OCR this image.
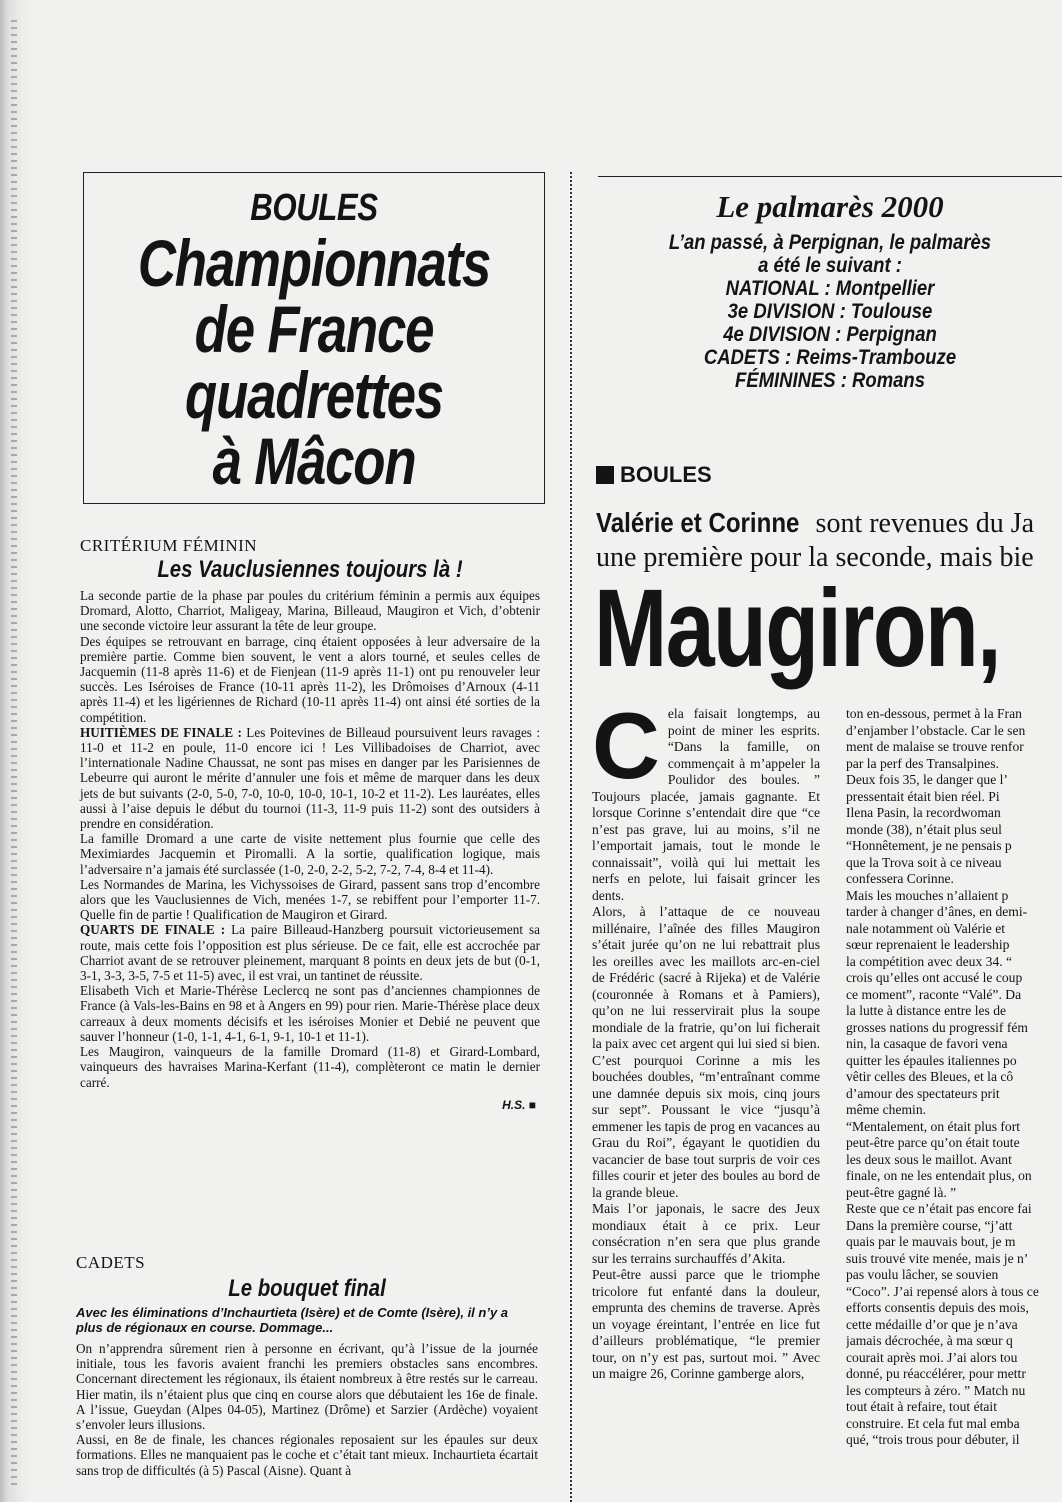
BOULES
Championnats
de France
quadrettes
à Mâcon
CRITÉRIUM FÉMININ
Les Vauclusiennes toujours là !

La seconde partie de la phase par poules du critérium féminin a permis aux équipes Dromard, Alotto, Charriot, Maligeay, Marina, Billeaud, Maugiron et Vich, d’obtenir une seconde victoire leur assurant la tête de leur groupe.

Des équipes se retrouvant en barrage, cinq étaient opposées à leur adversaire de la première partie. Comme bien souvent, le vent a alors tourné, et seules celles de Jacquemin (11-8 après 11-6) et de Fienjean (11-9 après 11-1) ont pu renouveler leur succès. Les Iséroises de France (10-11 après 11-2), les Drômoises d’Arnoux (4-11 après 11-4) et les ligériennes de Richard (10-11 après 11-4) ont ainsi été sorties de la compétition.

HUITIÈMES DE FINALE : Les Poitevines de Billeaud poursuivent leurs ravages : 11-0 et 11-2 en poule, 11-0 encore ici ! Les Villibadoises de Charriot, avec l’internationale Nadine Chaussat, ne sont pas mises en danger par les Parisiennes de Lebeurre qui auront le mérite d’annuler une fois et même de marquer dans les deux jets de but suivants (2-0, 5-0, 7-0, 10-0, 10-0, 10-1, 10-2 et 11-2). Les lauréates, elles aussi à l’aise depuis le début du tournoi (11-3, 11-9 puis 11-2) sont des outsiders à prendre en considération.

La famille Dromard a une carte de visite nettement plus fournie que celle des Meximiardes Jacquemin et Piromalli. A la sortie, qualification logique, mais l’adversaire n’a jamais été surclassée (1-0, 2-0, 2-2, 5-2, 7-2, 7-4, 8-4 et 11-4).

Les Normandes de Marina, les Vichyssoises de Girard, passent sans trop d’encombre alors que les Vauclusiennes de Vich, menées 1-7, se rebiffent pour l’emporter 11-7. Quelle fin de partie ! Qualification de Maugiron et Girard.

QUARTS DE FINALE : La paire Billeaud-Hanzberg poursuit victorieusement sa route, mais cette fois l’opposition est plus sérieuse. De ce fait, elle est accrochée par Charriot avant de se retrouver pleinement, marquant 8 points en deux jets de but (0-1, 3-1, 3-3, 3-5, 7-5 et 11-5) avec, il est vrai, un tantinet de réussite.

Elisabeth Vich et Marie-Thérèse Leclercq ne sont pas d’anciennes championnes de France (à Vals-les-Bains en 98 et à Angers en 99) pour rien. Marie-Thérèse place deux carreaux à deux moments décisifs et les iséroises Monier et Debié ne peuvent que sauver l’honneur (1-0, 1-1, 4-1, 6-1, 9-1, 10-1 et 11-1).

Les Maugiron, vainqueurs de la famille Dromard (11-8) et Girard-Lombard, vainqueurs des havraises Marina-Kerfant (11-4), complèteront ce matin le dernier carré.

H.S. ■
CADETS
Le bouquet final
Avec les éliminations d’Inchaurtieta (Isère) et de Comte (Isère), il n’y a plus de régionaux en course. Dommage...

On n’apprendra sûrement rien à personne en écrivant, qu’à l’issue de la journée initiale, tous les favoris avaient franchi les premiers obstacles sans encombres. Concernant directement les régionaux, ils étaient nombreux à être restés sur le carreau. Hier matin, ils n’étaient plus que cinq en course alors que débutaient les 16e de finale. A l’issue, Gueydan (Alpes 04-05), Martinez (Drôme) et Sarzier (Ardèche) voyaient s’envoler leurs illusions.

Aussi, en 8e de finale, les chances régionales reposaient sur les épaules sur deux formations. Elles ne manquaient pas le coche et c’était tant mieux. Inchaurtieta écartait sans trop de difficultés (à 5) Pascal (Aisne). Quant à

Le palmarès 2000
L’an passé, à Perpignan, le palmarès
a été le suivant :
NATIONAL : Montpellier
3e DIVISION : Toulouse
4e DIVISION : Perpignan
CADETS : Reims-Trambouze
FÉMININES : Romans
BOULES
Valérie et Corinne sont revenues du Ja
une première pour la seconde, mais bie
Maugiron,

Cela faisait longtemps, au point de miner les esprits. “Dans la famille, on commençait à m’appeler la Poulidor des boules. ” Toujours placée, jamais gagnante. Et lorsque Corinne s’entendait dire que “ce n’est pas grave, lui au moins, s’il ne l’emportait jamais, tout le monde le connaissait”, voilà qui lui mettait les nerfs en pelote, lui faisait grincer les dents.

Alors, à l’attaque de ce nouveau millénaire, l’aînée des filles Maugiron s’était jurée qu’on ne lui rebattrait plus les oreilles avec les maillots arc-en-ciel de Frédéric (sacré à Rijeka) et de Valérie (couronnée à Romans et à Pamiers), qu’on ne lui resservirait plus la soupe mondiale de la fratrie, qu’on lui ficherait la paix avec cet argent qui lui sied si bien. C’est pourquoi Corinne a mis les bouchées doubles, “m’entraînant comme une damnée depuis six mois, cinq jours sur sept”. Poussant le vice “jusqu’à emmener les tapis de prog en vacances au Grau du Roi”, égayant le quotidien du vacancier de base tout surpris de voir ces filles courir et jeter des boules au bord de la grande bleue.

Mais l’or japonais, le sacre des Jeux mondiaux était à ce prix. Leur consécration n’en sera que plus grande sur les terrains surchauffés d’Akita.

Peut-être aussi parce que le triomphe tricolore fut enfanté dans la douleur, emprunta des chemins de traverse. Après un voyage éreintant, l’entrée en lice fut d’ailleurs problématique, “le premier tour, on n’y est pas, surtout moi. ” Avec un maigre 26, Corinne gamberge alors,

ton en-dessous, permet à la Fran
d’enjamber l’obstacle. Car le sen
ment de malaise se trouve renfor
par la perf des Transalpines.
Deux fois 35, le danger que l’
pressentait était bien réel. Pi
Ilena Pasin, la recordwoman
monde (38), n’était plus seul
“Honnêtement, je ne pensais p
que la Trova soit à ce niveau
confessera Corinne.
Mais les mouches n’allaient p
tarder à changer d’ânes, en demi-
nale notamment où Valérie et
sœur reprenaient le leadership
la compétition avec deux 34. “
crois qu’elles ont accusé le coup
ce moment”, raconte “Valé”. Da
la lutte à distance entre les de
grosses nations du progressif fém
nin, la casaque de favori vena
quitter les épaules italiennes po
vêtir celles des Bleues, et la cô
d’amour des spectateurs prit
même chemin.
“Mentalement, on était plus fort
peut-être parce qu’on était toute
les deux sous le maillot. Avant
finale, on ne les entendait plus, on
peut-être gagné là. ”
Reste que ce n’était pas encore fai
Dans la première course, “j’att
quais par le mauvais bout, je m
suis trouvé vite menée, mais je n’
pas voulu lâcher, se souvien
“Coco”. J’ai repensé alors à tous ce
efforts consentis depuis des mois,
cette médaille d’or que je n’ava
jamais décrochée, à ma sœur q
courait après moi. J’ai alors tou
donné, pu réaccélérer, pour mettr
les compteurs à zéro. ” Match nu
tout était à refaire, tout était
construire. Et cela fut mal emba
qué, “trois trous pour débuter, il
